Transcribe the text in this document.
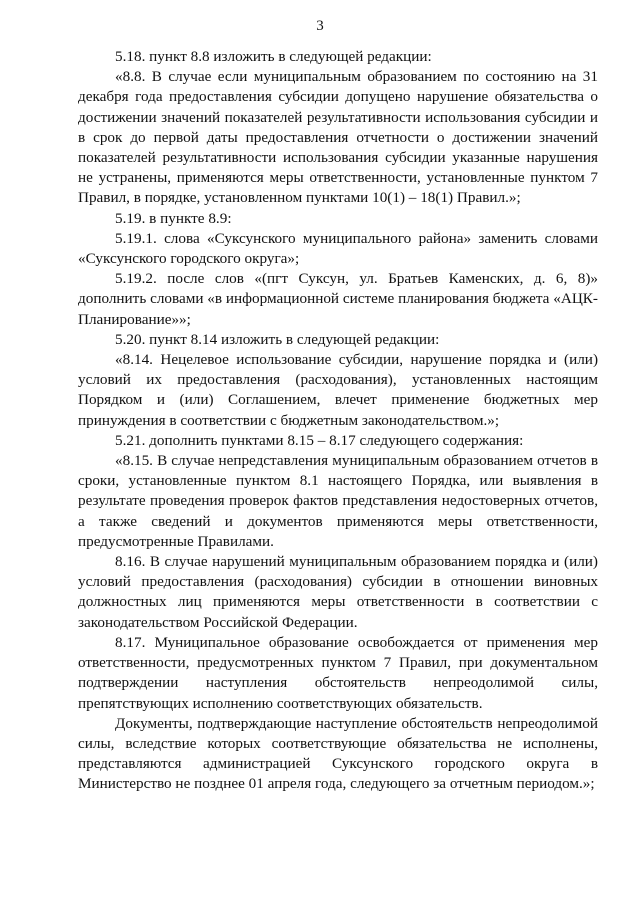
3

5.18. пункт 8.8 изложить в следующей редакции:

«8.8. В случае если муниципальным образованием по состоянию на 31 декабря года предоставления субсидии допущено нарушение обязательства о достижении значений показателей результативности использования субсидии и в срок до первой даты предоставления отчетности о достижении значений показателей результативности использования субсидии указанные нарушения не устранены, применяются меры ответственности, установленные пунктом 7 Правил, в порядке, установленном пунктами 10(1) – 18(1) Правил.»;

5.19. в пункте 8.9:

5.19.1. слова «Суксунского муниципального района» заменить словами «Суксунского городского округа»;

5.19.2. после слов «(пгт Суксун, ул. Братьев Каменских, д. 6, 8)» дополнить словами «в информационной системе планирования бюджета «АЦК-Планирование»»;

5.20. пункт 8.14 изложить в следующей редакции:

«8.14. Нецелевое использование субсидии, нарушение порядка и (или) условий их предоставления (расходования), установленных настоящим Порядком и (или) Соглашением, влечет применение бюджетных мер принуждения в соответствии с бюджетным законодательством.»;

5.21. дополнить пунктами 8.15 – 8.17 следующего содержания:

«8.15. В случае непредставления муниципальным образованием отчетов в сроки, установленные пунктом 8.1 настоящего Порядка, или выявления в результате проведения проверок фактов представления недостоверных отчетов, а также сведений и документов применяются меры ответственности, предусмотренные Правилами.

8.16. В случае нарушений муниципальным образованием порядка и (или) условий предоставления (расходования) субсидии в отношении виновных должностных лиц применяются меры ответственности в соответствии с законодательством Российской Федерации.

8.17. Муниципальное образование освобождается от применения мер ответственности, предусмотренных пунктом 7 Правил, при документальном подтверждении наступления обстоятельств непреодолимой силы, препятствующих исполнению соответствующих обязательств.

Документы, подтверждающие наступление обстоятельств непреодолимой силы, вследствие которых соответствующие обязательства не исполнены, представляются администрацией Суксунского городского округа в Министерство не позднее 01 апреля года, следующего за отчетным периодом.»;
